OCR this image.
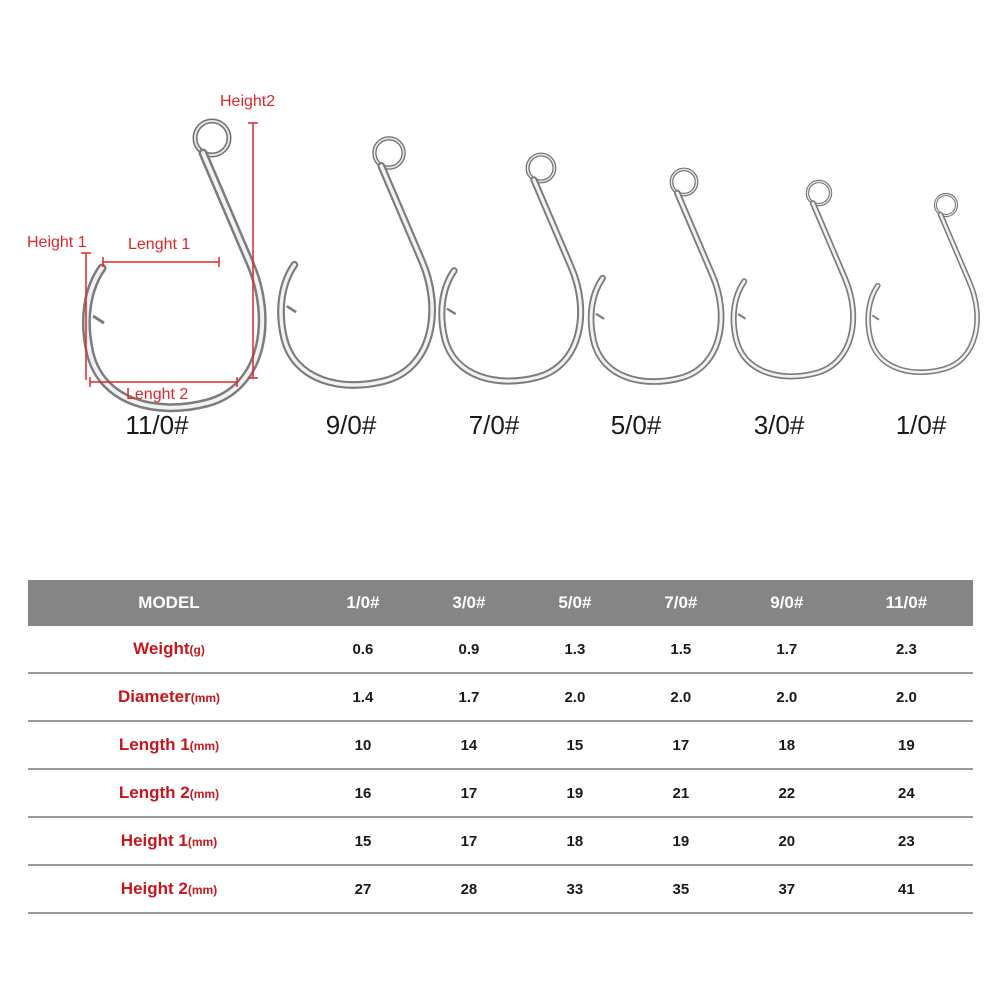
Height2
Height 1	Lenght 1
Lenght 2
11/0#	9/0#	7/0#	5/0#	3/0#	1/0#
MODEL	1/0#	3/0#	5/0#	7/0#	9/0#	11/0#
Weight(g)	0.6	0.9	1.3	1.5	1.7	2.3
Diameter(mm)	1.4	1.7	2.0	2.0	2.0	2.0
Length 1(mm)	10	14	15	17	18	19
Length 2(mm)	16	17	19	21	22	24
Height 1(mm)	15	17	18	19	20	23
Height 2(mm)	27	28	33	35	37	41
